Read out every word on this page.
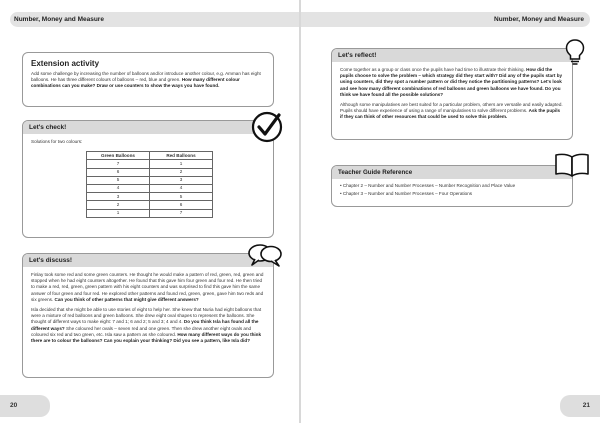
Number, Money and Measure
Extension activity
Add some challenge by increasing the number of balloons and/or introduce another colour, e.g. Amman has eight balloons. He has three different colours of balloons – red, blue and green. How many different colour combinations can you make? Draw or use counters to show the ways you have found.
Let's check!
Solutions for two colours:
Green Balloons	Red Balloons
7	1
6	2
5	3
4	4
3	5
2	6
1	7
Let's discuss!

Finlay took some red and some green counters. He thought he would make a pattern of red, green, red, green and stopped when he had eight counters altogether. He found that this gave him four green and four red. He then tried to make a red, red, green, green pattern with his eight counters and was surprised to find this gave him the same answer of four green and four red. He explored other patterns and found red, green, green, gave him two reds and six greens. Can you think of other patterns that might give different answers?

Isla decided that she might be able to use stories of eight to help her. She knew that Nuria had eight balloons that were a mixture of red balloons and green balloons. She drew eight oval shapes to represent the balloons. She thought of different ways to make eight: 7 and 1; 6 and 2; 5 and 3; 4 and 4. Do you think Isla has found all the different ways? She coloured her ovals – seven red and one green. Then she drew another eight ovals and coloured six red and two green, etc. Isla saw a pattern as she coloured. How many different ways do you think there are to colour the balloons? Can you explain your thinking? Did you see a pattern, like Isla did?

20
Number, Money and Measure
Let's reflect!

Come together as a group or class once the pupils have had time to illustrate their thinking. How did the pupils choose to solve the problem – which strategy did they start with? Did any of the pupils start by using counters, did they spot a number pattern or did they notice the partitioning patterns? Let's look and see how many different combinations of red balloons and green balloons we have found. Do you think we have found all the possible solutions?

Although some manipulatives are best suited for a particular problem, others are versatile and easily adapted. Pupils should have experience of using a range of manipulatives to solve different problems. Ask the pupils if they can think of other resources that could be used to solve this problem.

Teacher Guide Reference
• Chapter 2 – Number and Number Processes – Number Recognition and Place Value
• Chapter 3 – Number and Number Processes – Four Operations
21
